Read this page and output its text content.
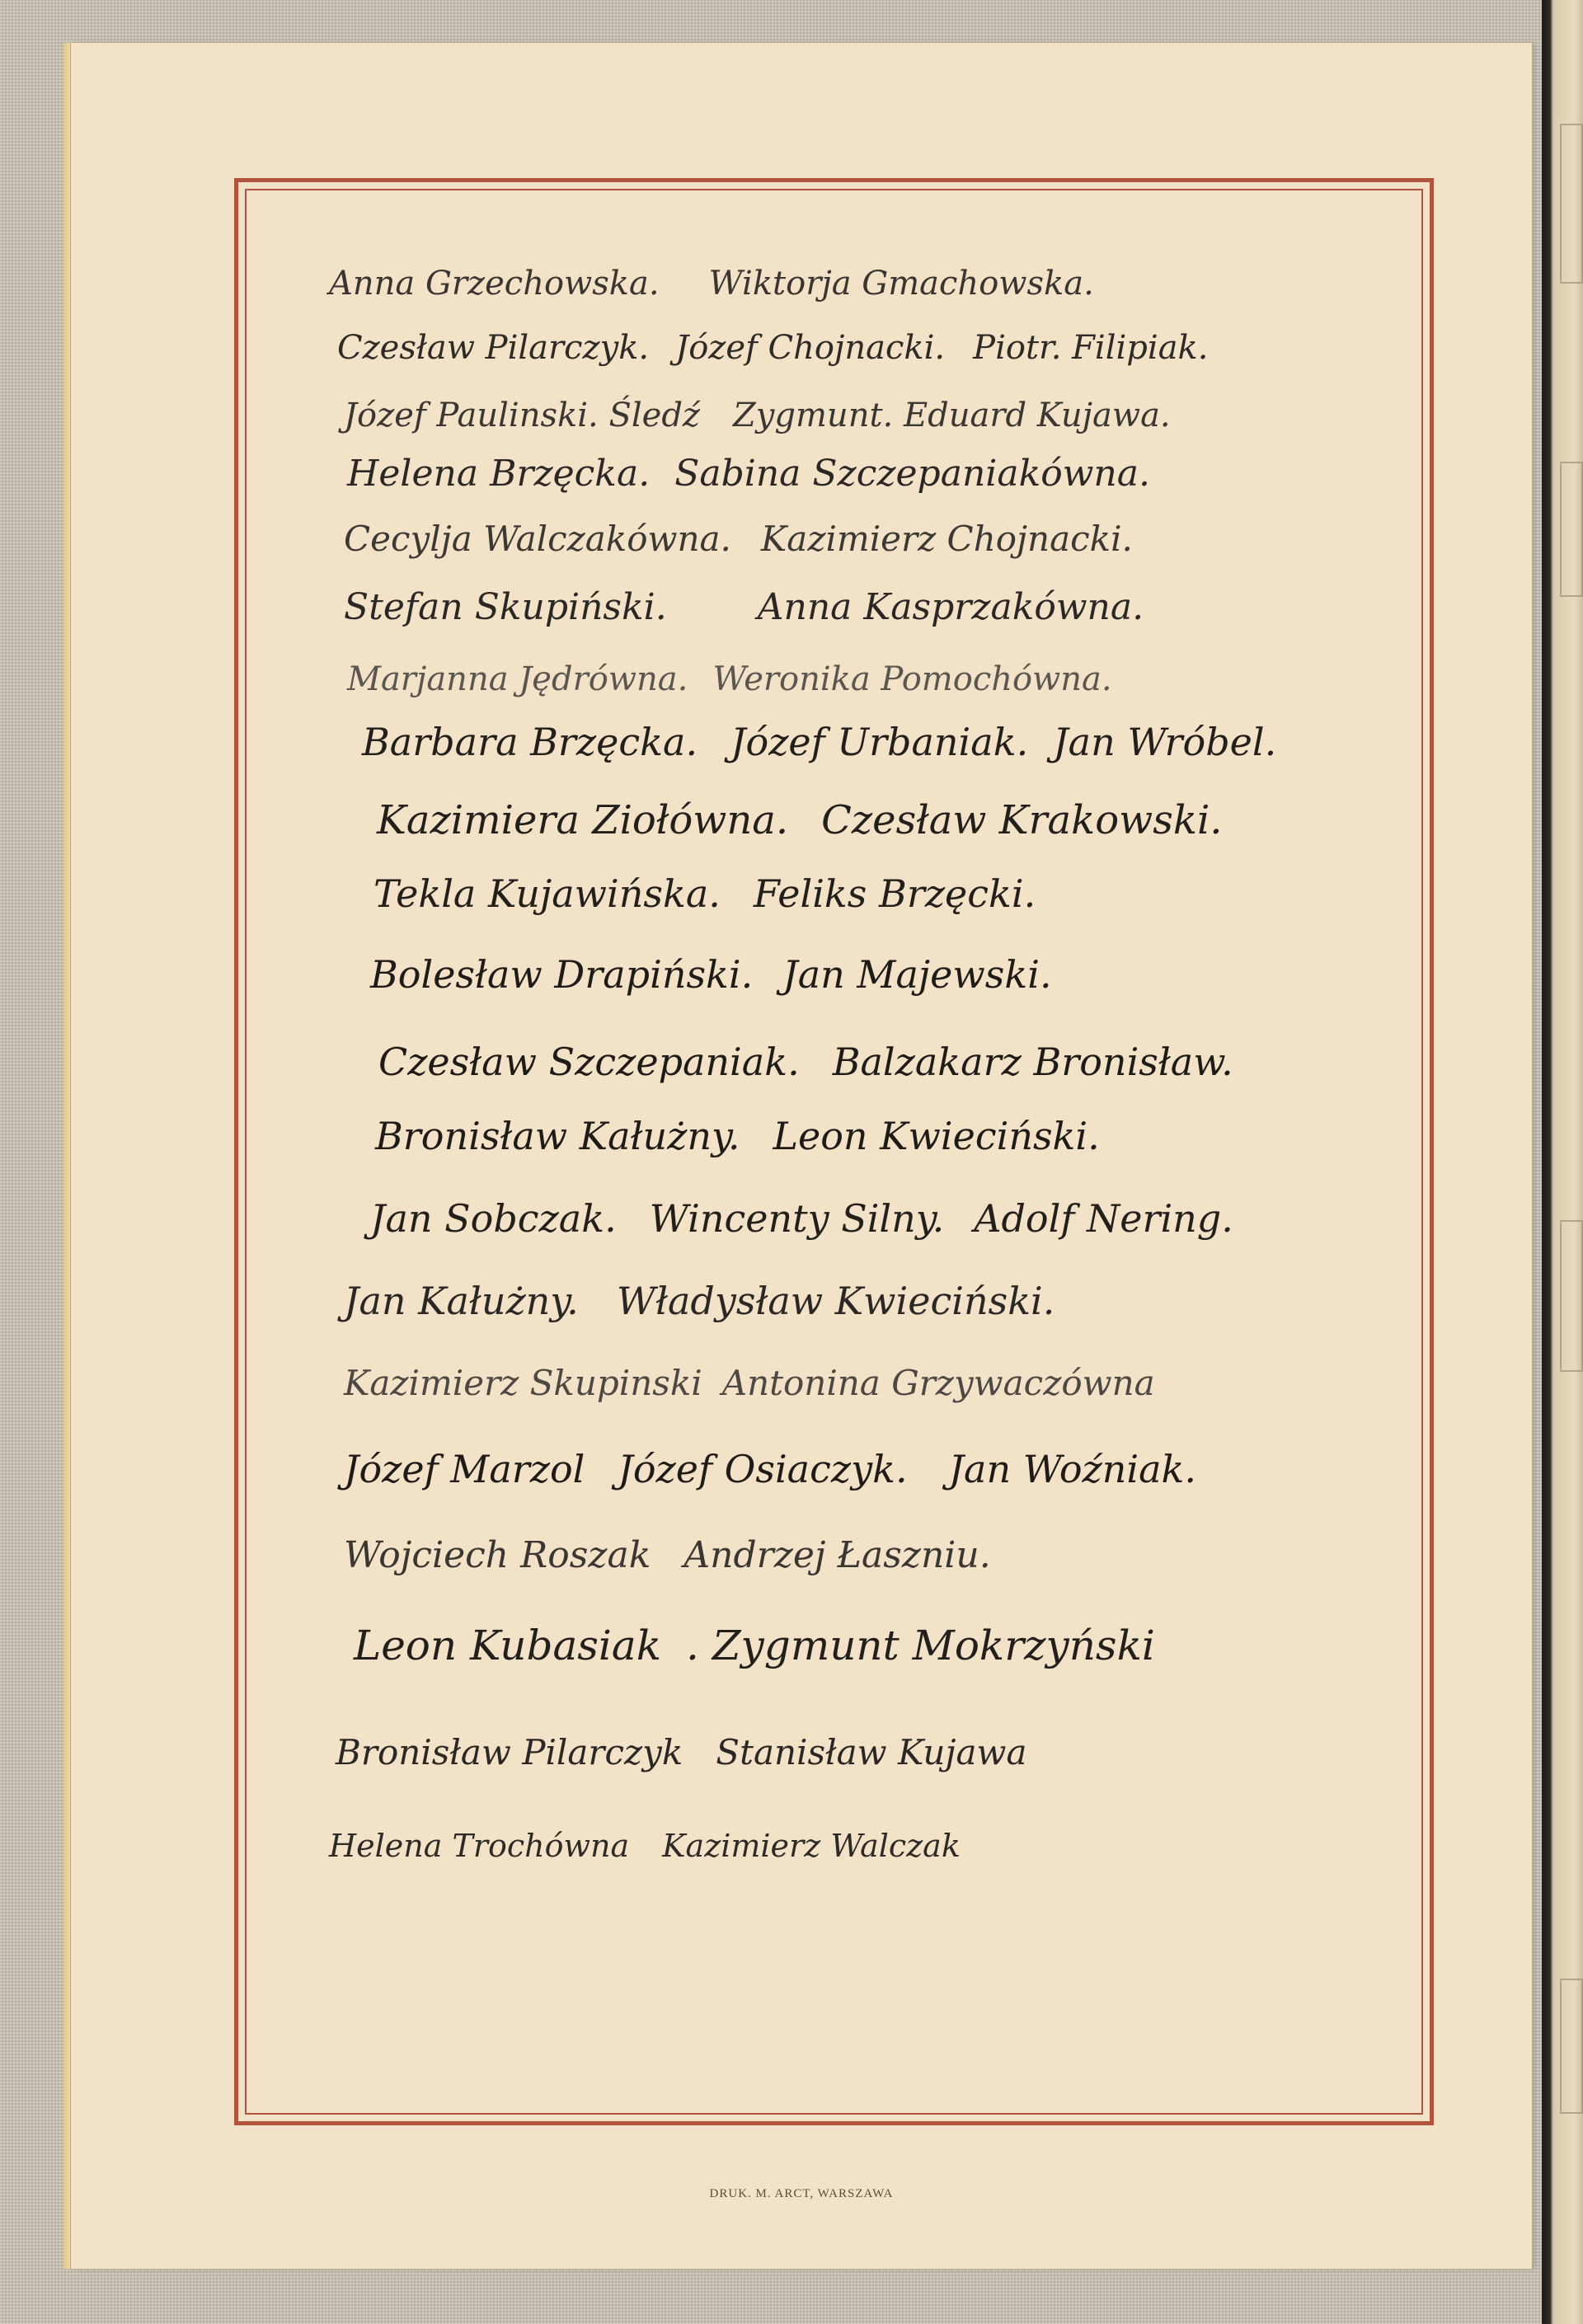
Anna Grzechowska. Wiktorja Gmachowska.
Czesław Pilarczyk. Józef Chojnacki. Piotr. Filipiak.
Józef Paulinski. Śledź Zygmunt. Eduard Kujawa.
Helena Brzęcka. Sabina Szczepaniakówna.
Cecylja Walczakówna. Kazimierz Chojnacki.
Stefan Skupiński.	Anna Kasprzakówna.
Marjanna Jędrówna. Weronika Pomochówna.
Barbara Brzęcka. Józef Urbaniak. Jan Wróbel.
Kazimiera Ziołówna. Czesław Krakowski.
Tekla Kujawińska. Feliks Brzęcki.
Bolesław Drapiński. Jan Majewski.
Czesław Szczepaniak. Balzakarz Bronisław.
Bronisław Kałużny. Leon Kwieciński.
Jan Sobczak. Wincenty Silny. Adolf Nering.
Jan Kałużny. Władysław Kwieciński.
Kazimierz Skupinski Antonina Grzywaczówna
Józef Marzol Józef Osiaczyk. Jan Woźniak.
Wojciech Roszak Andrzej Łaszniu.
Leon Kubasiak . Zygmunt Mokrzyński
Bronisław Pilarczyk Stanisław Kujawa
Helena Trochówna Kazimierz Walczak
DRUK. M. ARCT, WARSZAWA
